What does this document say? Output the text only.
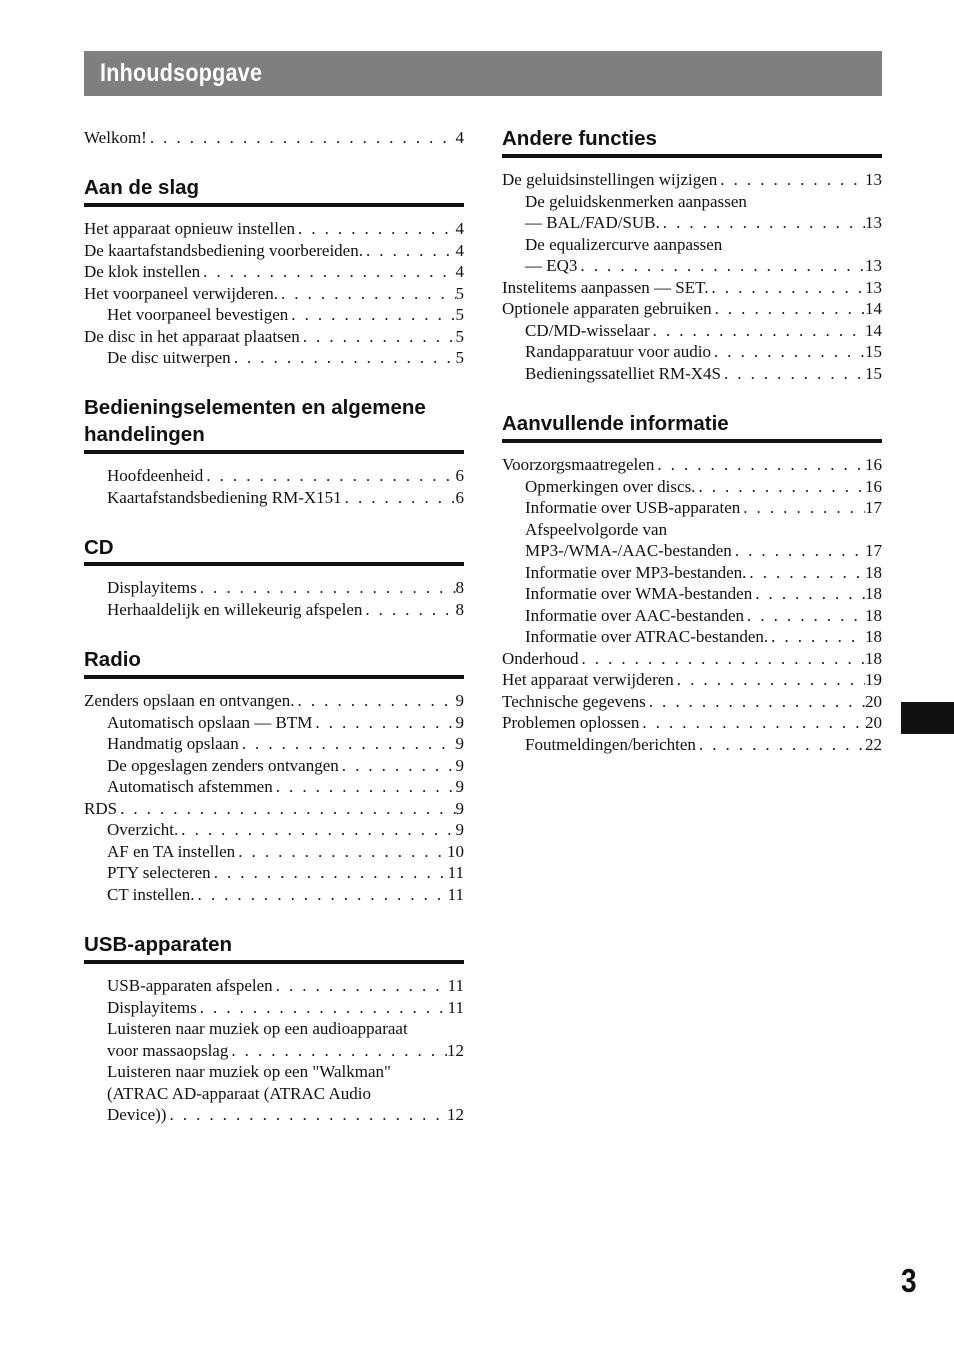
Inhoudsopgave
Welkom! . . .	4
Aan de slag
Het apparaat opnieuw instellen . . .	4
De kaartafstandsbediening voorbereiden. . . .	4
De klok instellen . . .	4
Het voorpaneel verwijderen. . . .	5
Het voorpaneel bevestigen . . .	5
De disc in het apparaat plaatsen . . .	5
De disc uitwerpen . . .	5
Bedieningselementen en algemene
handelingen
Hoofdeenheid . . .	6
Kaartafstandsbediening RM-X151 . . .	6
CD
Displayitems . . .	8
Herhaaldelijk en willekeurig afspelen . . .	8
Radio
Zenders opslaan en ontvangen. . . .	9
Automatisch opslaan — BTM . . .	9
Handmatig opslaan . . .	9
De opgeslagen zenders ontvangen . . .	9
Automatisch afstemmen . . .	9
RDS . . .	9
Overzicht. . . .	9
AF en TA instellen . . .	10
PTY selecteren . . .	11
CT instellen. . . .	11
USB-apparaten
USB-apparaten afspelen . . .	11
Displayitems . . .	11
Luisteren naar muziek op een audioapparaat
voor massaopslag . . .	12
Luisteren naar muziek op een "Walkman"
(ATRAC AD-apparaat (ATRAC Audio
Device)) . . .	12
Andere functies
De geluidsinstellingen wijzigen . . .	13
De geluidskenmerken aanpassen
— BAL/FAD/SUB. . . .	13
De equalizercurve aanpassen
— EQ3 . . .	13
Instelitems aanpassen — SET. . . .	13
Optionele apparaten gebruiken . . .	14
CD/MD-wisselaar . . .	14
Randapparatuur voor audio . . .	15
Bedieningssatelliet RM-X4S . . .	15
Aanvullende informatie
Voorzorgsmaatregelen . . .	16
Opmerkingen over discs. . . .	16
Informatie over USB-apparaten . . .	17
Afspeelvolgorde van
MP3-/WMA-/AAC-bestanden . . .	17
Informatie over MP3-bestanden. . . .	18
Informatie over WMA-bestanden . . .	18
Informatie over AAC-bestanden . . .	18
Informatie over ATRAC-bestanden. . . .	18
Onderhoud . . .	18
Het apparaat verwijderen . . .	19
Technische gegevens . . .	20
Problemen oplossen . . .	20
Foutmeldingen/berichten . . .	22
3
